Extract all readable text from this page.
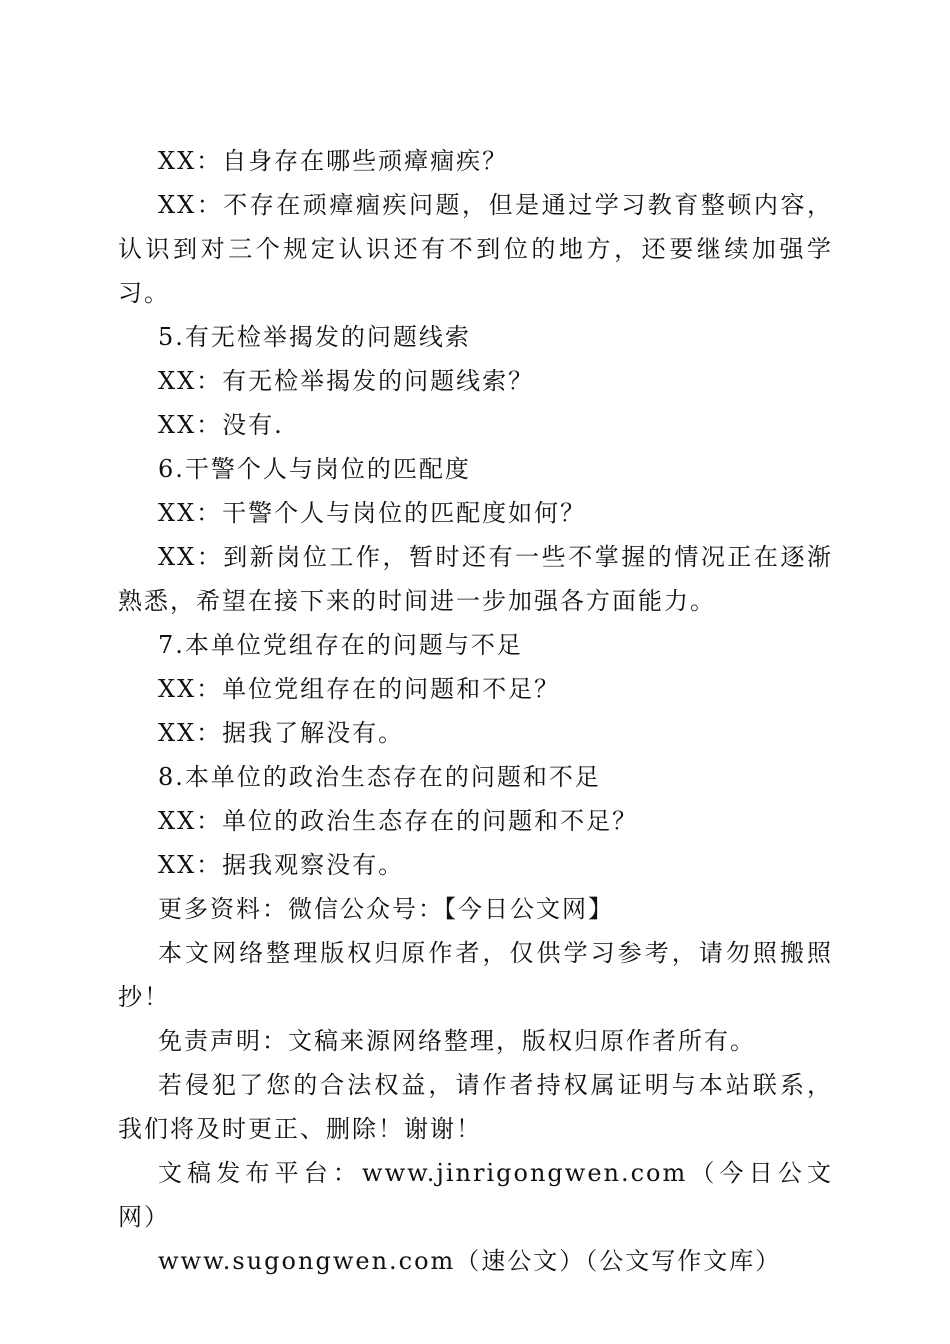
XX：自身存在哪些顽瘴痼疾？

XX：不存在顽瘴痼疾问题，但是通过学习教育整顿内容，认识到对三个规定认识还有不到位的地方，还要继续加强学习。

5.有无检举揭发的问题线索

XX：有无检举揭发的问题线索？

XX：没有.

6.干警个人与岗位的匹配度

XX：干警个人与岗位的匹配度如何？

XX：到新岗位工作，暂时还有一些不掌握的情况正在逐渐熟悉，希望在接下来的时间进一步加强各方面能力。

7.本单位党组存在的问题与不足

XX：单位党组存在的问题和不足？

XX：据我了解没有。

8.本单位的政治生态存在的问题和不足

XX：单位的政治生态存在的问题和不足？

XX：据我观察没有。

更多资料：微信公众号：【今日公文网】

本文网络整理版权归原作者，仅供学习参考，请勿照搬照抄！

免责声明：文稿来源网络整理，版权归原作者所有。

若侵犯了您的合法权益，请作者持权属证明与本站联系，我们将及时更正、删除！谢谢！

文稿发布平台：www.jinrigongwen.com（今日公文网）

www.sugongwen.com（速公文）（公文写作文库）
